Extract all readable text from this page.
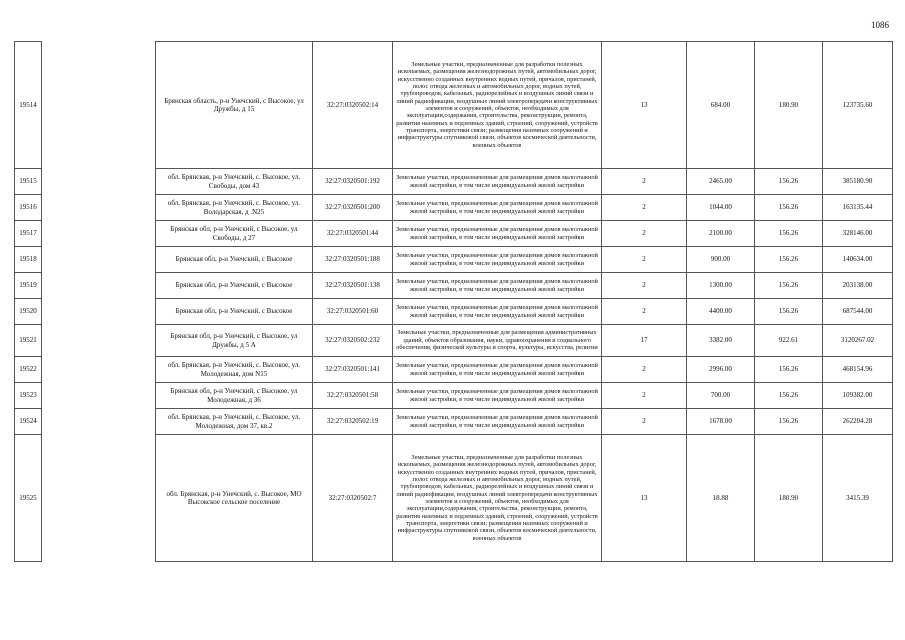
1086
19514		Брянская область, р-н Унечский, с Высокое, ул Дружбы, д 15	32:27:0320502:14	Земельные участки, предназначенные для разработки полезных ископаемых, размещения железнодорожных путей, автомобильных дорог, искусственно созданных внутренних водных путей, причалов, пристаней, полос отвода железных и автомобильных дорог, водных путей, трубопроводов, кабельных, радиорелейных и воздушных линий связи и линий радиофикации, воздушных линий электропередачи конструктивных элементов и сооружений, объектов, необходимых для эксплуатации,содержания, строительства, реконструкции, ремонта, развития наземных и подземных зданий, строений, сооружений, устройств транспорта, энергетики связи; размещения наземных сооружений и инфраструктуры спутниковой связи, объектов космической деятельности, военных объектов	13	684.00	180.90	123735.60
19515		обл. Брянская, р-н Унечский, с. Высокое, ул. Свободы, дом 43	32:27:0320501:192	Земельные участки, предназначенные для размещения домов малоэтажной жилой застройки, в том числе индивидуальной жилой застройки	2	2465.00	156.26	385180.90
19516		обл. Брянская, р-н Унечский, с. Высокое, ул. Володарская, д .N25	32:27:0320501:200	Земельные участки, предназначенные для размещения домов малоэтажной жилой застройки, в том числе индивидуальной жилой застройки	2	1044.00	156.26	163135.44
19517		Брянская обл, р-н Унечский, с Высокое, ул Свободы, д 27	32:27:0320501:44	Земельные участки, предназначенные для размещения домов малоэтажной жилой застройки, в том числе индивидуальной жилой застройки	2	2100.00	156.26	328146.00
19518		Брянская обл, р-н Унечский, с Высокое	32:27:0320501:188	Земельные участки, предназначенные для размещения домов малоэтажной жилой застройки, в том числе индивидуальной жилой застройки	2	900.00	156.26	140634.00
19519		Брянская обл, р-н Унечский, с Высокое	32:27:0320501:138	Земельные участки, предназначенные для размещения домов малоэтажной жилой застройки, в том числе индивидуальной жилой застройки	2	1300.00	156.26	203138.00
19520		Брянская обл, р-н Унечский, с Высокое	32:27:0320501:60	Земельные участки, предназначенные для размещения домов малоэтажной жилой застройки, в том числе индивидуальной жилой застройки	2	4400.00	156.26	687544.00
19521		Брянская обл, р-н Унечский, с Высокое, ул Дружбы, д 5 А	32:27:0320502:232	Земельные участки, предназначенные для размещения административных зданий, объектов образования, науки, здравоохранения и социального обеспечения, физической культуры и спорта, культуры, искусства, религии	17	3382.00	922.61	3120267.02
19522		обл. Брянская, р-н Унечский, с. Высокое, ул. Молодежная, дом N15	32:27:0320501:141	Земельные участки, предназначенные для размещения домов малоэтажной жилой застройки, в том числе индивидуальной жилой застройки	2	2996.00	156.26	468154.96
19523		Брянская обл, р-н Унечский, с Высокое, ул Молодежная, д 36	32:27:0320501:58	Земельные участки, предназначенные для размещения домов малоэтажной жилой застройки, в том числе индивидуальной жилой застройки	2	700.00	156.26	109382.00
19524		обл. Брянская, р-н Унечский, с. Высокое, ул. Молодежная, дом 37, кв.2	32:27:0320502:19	Земельные участки, предназначенные для размещения домов малоэтажной жилой застройки, в том числе индивидуальной жилой застройки	2	1678.00	156.26	262204.28
19525		обл. Брянская, р-н Унечский, с. Высокое, МО Высокское сельское поселение	32:27:0320502:7	Земельные участки, предназначенные для разработки полезных ископаемых, размещения железнодорожных путей, автомобильных дорог, искусственно созданных внутренних водных путей, причалов, пристаней, полос отвода железных и автомобильных дорог, водных путей, трубопроводов, кабельных, радиорелейных и воздушных линий связи и линий радиофикации, воздушных линий электропередачи конструктивных элементов и сооружений, объектов, необходимых для эксплуатации,содержания, строительства, реконструкции, ремонта, развития наземных и подземных зданий, строений, сооружений, устройств транспорта, энергетики связи; размещения наземных сооружений и инфраструктуры спутниковой связи, объектов космической деятельности, военных объектов	13	18.88	180.90	3415.39
